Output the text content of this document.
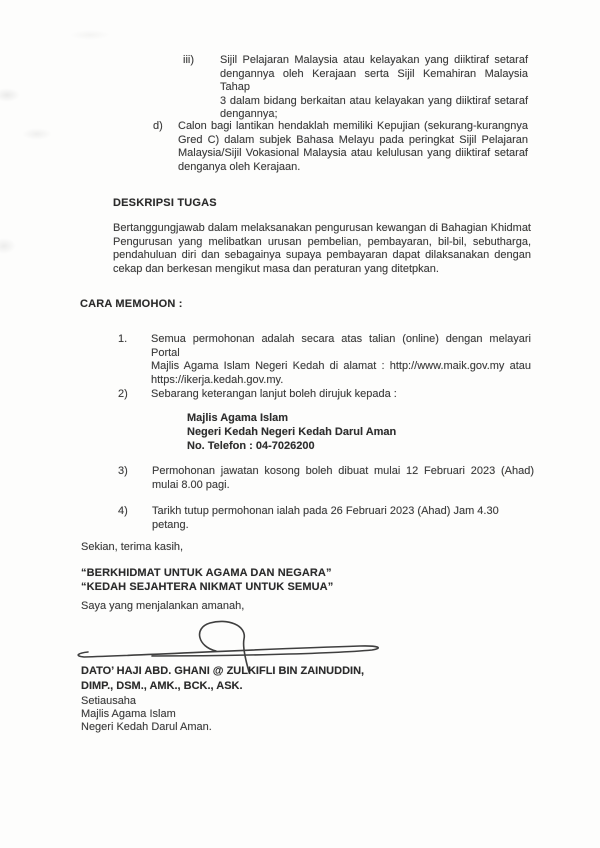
iii) Sijil Pelajaran Malaysia atau kelayakan yang diiktiraf setaraf
dengannya oleh Kerajaan serta Sijil Kemahiran Malaysia Tahap
3 dalam bidang berkaitan atau kelayakan yang diiktiraf setaraf
dengannya;
d) Calon bagi lantikan hendaklah memiliki Kepujian (sekurang-kurangnya
Gred C) dalam subjek Bahasa Melayu pada peringkat Sijil Pelajaran
Malaysia/Sijil Vokasional Malaysia atau kelulusan yang diiktiraf setaraf
denganya oleh Kerajaan.
DESKRIPSI TUGAS
Bertanggungjawab dalam melaksanakan pengurusan kewangan di Bahagian Khidmat
Pengurusan yang melibatkan urusan pembelian, pembayaran, bil-bil, sebutharga,
pendahuluan diri dan sebagainya supaya pembayaran dapat dilaksanakan dengan
cekap dan berkesan mengikut masa dan peraturan yang ditetpkan.
CARA MEMOHON :
1. Semua permohonan adalah secara atas talian (online) dengan melayari Portal
Majlis Agama Islam Negeri Kedah di alamat : http://www.maik.gov.my atau
https://ikerja.kedah.gov.my.
2) Sebarang keterangan lanjut boleh dirujuk kepada :
Majlis Agama Islam
Negeri Kedah Negeri Kedah Darul Aman
No. Telefon : 04-7026200
3) Permohonan jawatan kosong boleh dibuat mulai 12 Februari 2023 (Ahad)
mulai 8.00 pagi.
4) Tarikh tutup permohonan ialah pada 26 Februari 2023 (Ahad) Jam 4.30 petang.
Sekian, terima kasih,
“BERKHIDMAT UNTUK AGAMA DAN NEGARA”
“KEDAH SEJAHTERA NIKMAT UNTUK SEMUA”
Saya yang menjalankan amanah,
DATO’ HAJI ABD. GHANI @ ZULKIFLI BIN ZAINUDDIN,
DIMP., DSM., AMK., BCK., ASK.
Setiausaha
Majlis Agama Islam
Negeri Kedah Darul Aman.
